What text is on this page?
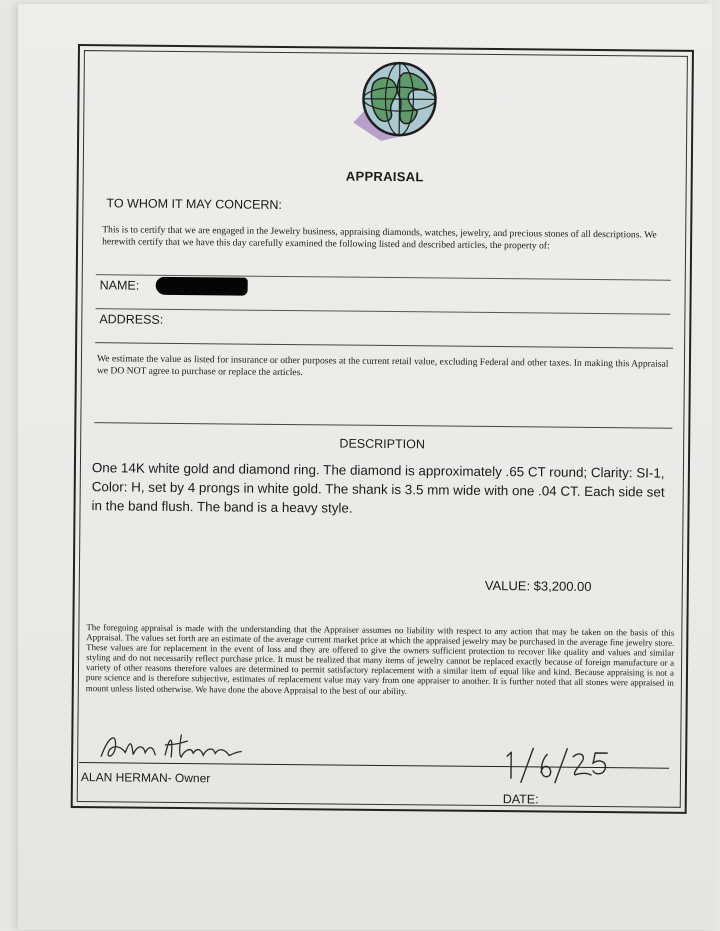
APPRAISAL
TO WHOM IT MAY CONCERN:
This is to certify that we are engaged in the Jewelry business, appraising diamonds, watches, jewelry, and precious stones of all descriptions. We herewith certify that we have this day carefully examined the following listed and described articles, the property of:
NAME:
ADDRESS:
We estimate the value as listed for insurance or other purposes at the current retail value, excluding Federal and other taxes. In making this Appraisal we DO NOT agree to purchase or replace the articles.
DESCRIPTION
One 14K white gold and diamond ring. The diamond is approximately .65 CT round; Clarity: SI-1, Color: H, set by 4 prongs in white gold. The shank is 3.5 mm wide with one .04 CT. Each side set in the band flush. The band is a heavy style.
VALUE: $3,200.00
The foregoing appraisal is made with the understanding that the Appraiser assumes no liability with respect to any action that may be taken on the basis of this Appraisal. The values set forth are an estimate of the average current market price at which the appraised jewelry may be purchased in the average fine jewelry store. These values are for replacement in the event of loss and they are offered to give the owners sufficient protection to recover like quality and values and similar styling and do not necessarily reflect purchase price. It must be realized that many items of jewelry cannot be replaced exactly because of foreign manufacture or a variety of other reasons therefore values are determined to permit satisfactory replacement with a similar item of equal like and kind. Because appraising is not a pure science and is therefore subjective, estimates of replacement value may vary from one appraiser to another. It is further noted that all stones were appraised in mount unless listed otherwise. We have done the above Appraisal to the best of our ability.
ALAN HERMAN- Owner
DATE:
